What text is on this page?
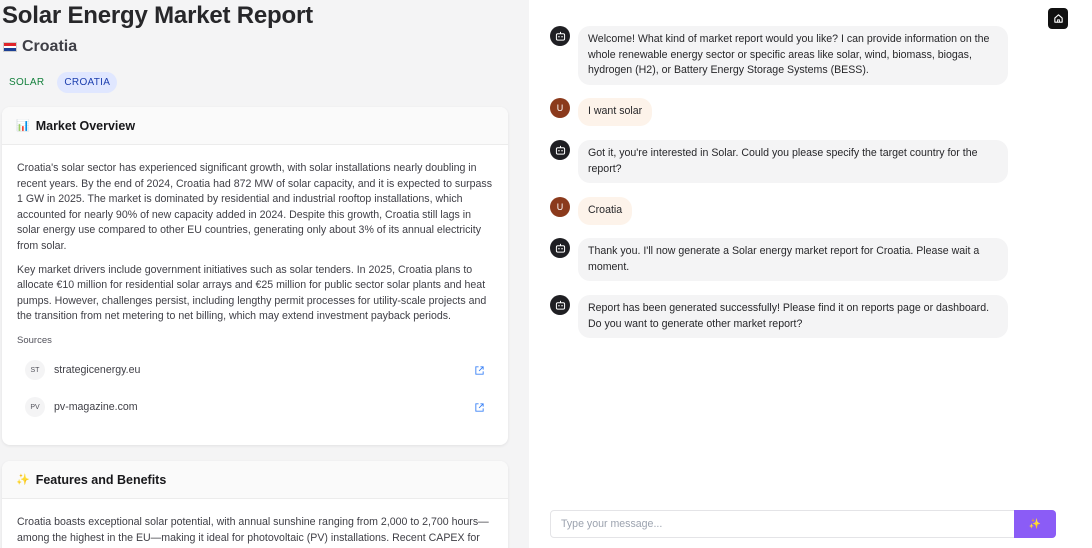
Solar Energy Market Report
Croatia
SOLAR	CROATIA
📊 Market Overview

Croatia's solar sector has experienced significant growth, with solar installations nearly doubling in recent years. By the end of 2024, Croatia had 872 MW of solar capacity, and it is expected to surpass 1 GW in 2025. The market is dominated by residential and industrial rooftop installations, which accounted for nearly 90% of new capacity added in 2024. Despite this growth, Croatia still lags in solar energy use compared to other EU countries, generating only about 3% of its annual electricity from solar.

Key market drivers include government initiatives such as solar tenders. In 2025, Croatia plans to allocate €10 million for residential solar arrays and €25 million for public sector solar plants and heat pumps. However, challenges persist, including lengthy permit processes for utility-scale projects and the transition from net metering to net billing, which may extend investment payback periods.

Sources
ST	strategicenergy.eu
PV	pv-magazine.com
✨ Features and Benefits

Croatia boasts exceptional solar potential, with annual sunshine ranging from 2,000 to 2,700 hours—among the highest in the EU—making it ideal for photovoltaic (PV) installations. Recent CAPEX for

Welcome! What kind of market report would you like? I can provide information on the whole renewable energy sector or specific areas like solar, wind, biomass, biogas, hydrogen (H2), or Battery Energy Storage Systems (BESS).
U	I want solar
Got it, you're interested in Solar. Could you please specify the target country for the report?
U	Croatia
Thank you. I'll now generate a Solar energy market report for Croatia. Please wait a moment.
Report has been generated successfully! Please find it on reports page or dashboard. Do you want to generate other market report?
Type your message...
✨
